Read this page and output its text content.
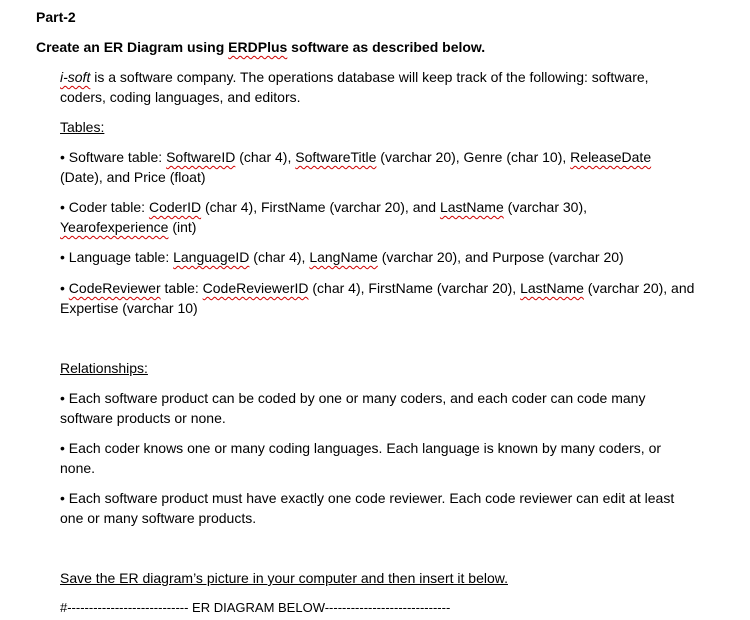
Part-2
Create an ER Diagram using ERDPlus software as described below.
i-soft is a software company. The operations database will keep track of the following: software,
coders, coding languages, and editors.
Tables:
• Software table: SoftwareID (char 4), SoftwareTitle (varchar 20), Genre (char 10), ReleaseDate
(Date), and Price (float)
• Coder table: CoderID (char 4), FirstName (varchar 20), and LastName (varchar 30),
Yearofexperience (int)
• Language table: LanguageID (char 4), LangName (varchar 20), and Purpose (varchar 20)
• CodeReviewer table: CodeReviewerID (char 4), FirstName (varchar 20), LastName (varchar 20), and
Expertise (varchar 10)
Relationships:
• Each software product can be coded by one or many coders, and each coder can code many
software products or none.
• Each coder knows one or many coding languages. Each language is known by many coders, or
none.
• Each software product must have exactly one code reviewer. Each code reviewer can edit at least
one or many software products.
Save the ER diagram’s picture in your computer and then insert it below.
#---------------------------- ER DIAGRAM BELOW-----------------------------
